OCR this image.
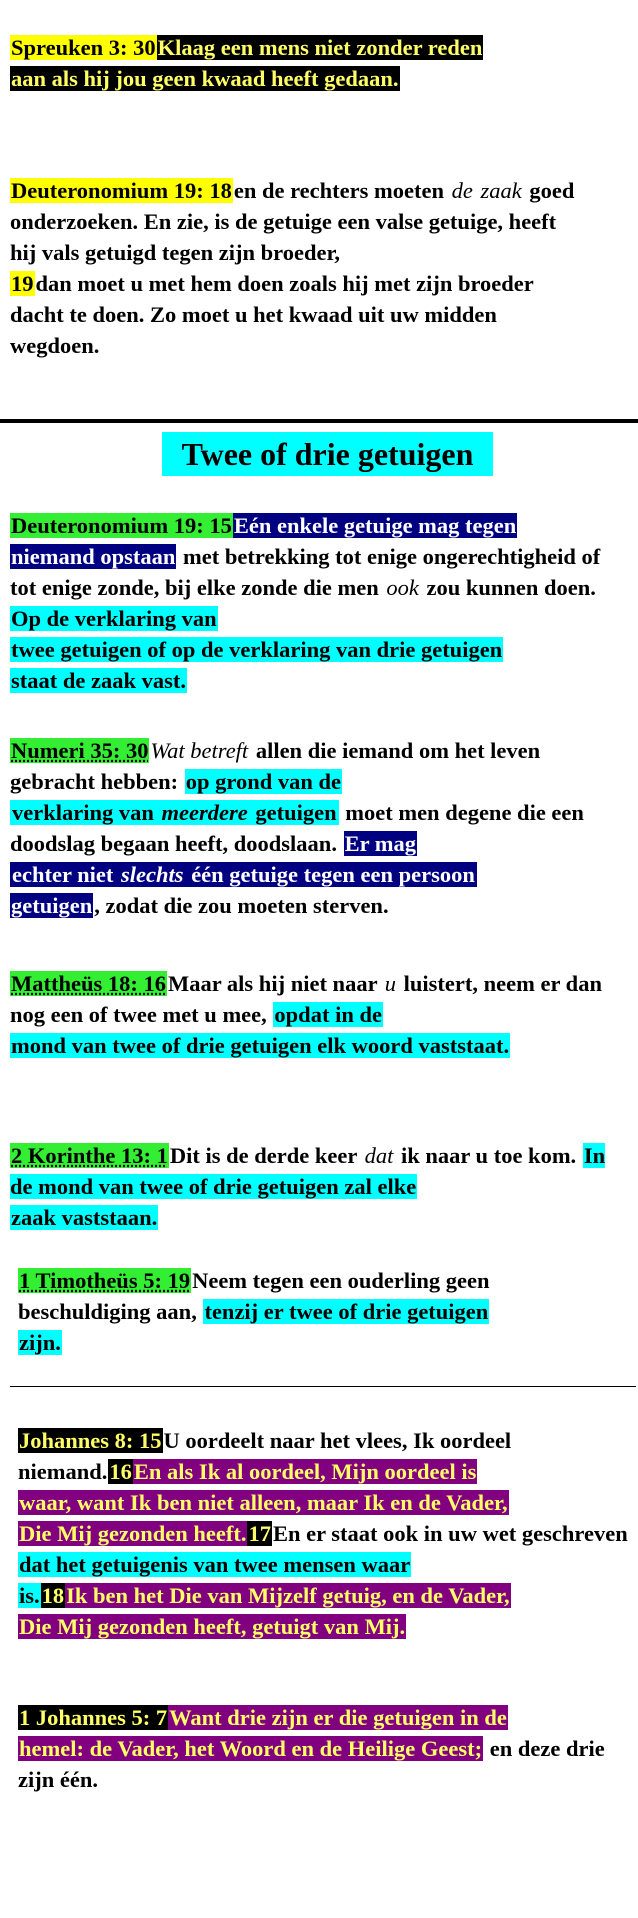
Spreuken 3: 30Klaag een mens niet zonder reden
aan als hij jou geen kwaad heeft gedaan.
Deuteronomium 19: 18en de rechters moeten de zaak goed onderzoeken. En zie, is de getuige een valse getuige, heeft hij vals getuigd tegen zijn broeder,
19dan moet u met hem doen zoals hij met zijn broeder dacht te doen. Zo moet u het kwaad uit uw midden wegdoen.
Twee of drie getuigen
Deuteronomium 19: 15Eén enkele getuige mag tegen
niemand opstaan met betrekking tot enige ongerechtigheid of tot enige zonde, bij elke zonde die men ook zou kunnen doen. Op de verklaring van
twee getuigen of op de verklaring van drie getuigen
staat de zaak vast.
Numeri 35: 30Wat betreft allen die iemand om het leven gebracht hebben: op grond van de
verklaring van meerdere getuigen moet men degene die een doodslag begaan heeft, doodslaan. Er mag
echter niet slechts één getuige tegen een persoon
getuigen, zodat die zou moeten sterven.
Mattheüs 18: 16Maar als hij niet naar u luistert, neem er dan nog een of twee met u mee, opdat in de
mond van twee of drie getuigen elk woord vaststaat.
2 Korinthe 13: 1Dit is de derde keer dat ik naar u toe kom. In de mond van twee of drie getuigen zal elke
zaak vaststaan.
1 Timotheüs 5: 19Neem tegen een ouderling geen beschuldiging aan, tenzij er twee of drie getuigen
zijn.
Johannes 8: 15U oordeelt naar het vlees, Ik oordeel niemand.16En als Ik al oordeel, Mijn oordeel is
waar, want Ik ben niet alleen, maar Ik en de Vader,
Die Mij gezonden heeft.17En er staat ook in uw wet geschreven dat het getuigenis van twee mensen waar
is.18Ik ben het Die van Mijzelf getuig, en de Vader,
Die Mij gezonden heeft, getuigt van Mij.
1 Johannes 5: 7Want drie zijn er die getuigen in de
hemel: de Vader, het Woord en de Heilige Geest; en deze drie zijn één.
